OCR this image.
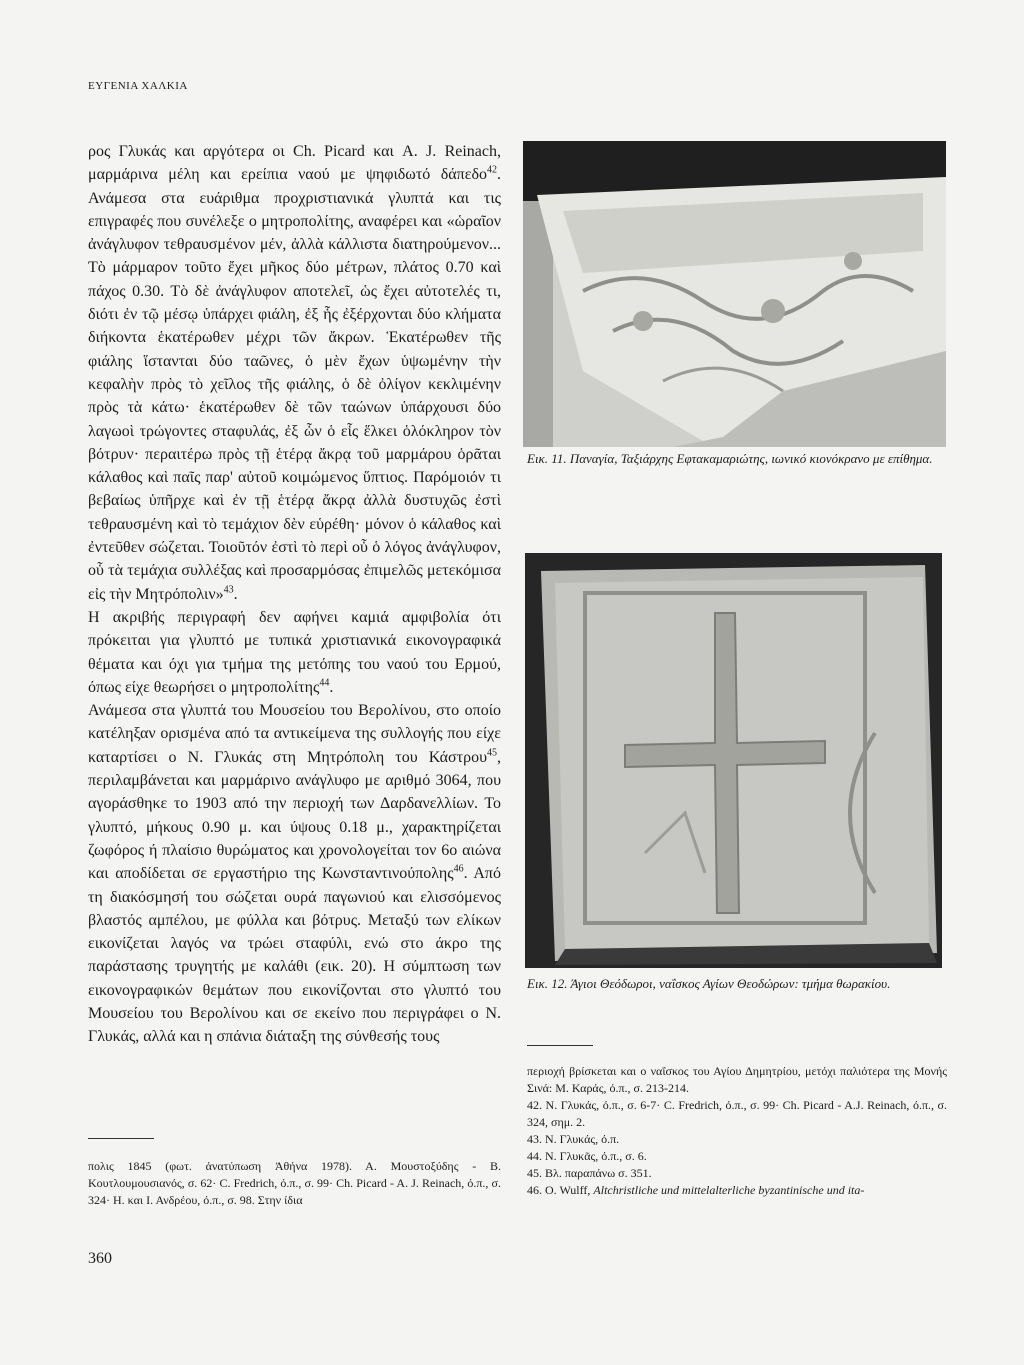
ΕΥΓΕΝΙΑ ΧΑΛΚΙΑ

ρος Γλυκάς και αργότερα οι Ch. Picard και A. J. Reinach, μαρμάρινα μέλη και ερείπια ναού με ψηφιδωτό δάπεδο$^{42}$. Ανάμεσα στα ευάριθμα προχριστιανικά γλυπτά και τις επιγραφές που συνέλεξε ο μητροπολίτης, αναφέρει και «ὡραῖον ἀνάγλυφον τεθραυσμένον μέν, ἀλλὰ κάλλιστα διατηρούμενον... Τὸ μάρμαρον τοῦτο ἔχει μῆκος δύο μέτρων, πλάτος 0.70 καὶ πάχος 0.30. Τὸ δὲ ἀνάγλυφον αποτελεῖ, ὡς ἔχει αὐτοτελές τι, διότι ἐν τῷ μέσῳ ὑπάρχει φιάλη, ἐξ ἧς ἐξέρχονται δύο κλήματα διήκοντα ἑκατέρωθεν μέχρι τῶν ἄκρων. Ἑκατέρωθεν τῆς φιάλης ἵστανται δύο ταῶνες, ὁ μὲν ἔχων ὑψωμένην τὴν κεφαλὴν πρὸς τὸ χεῖλος τῆς φιάλης, ὁ δὲ ὀλίγον κεκλιμένην πρὸς τὰ κάτω· ἑκατέρωθεν δὲ τῶν ταώνων ὑπάρχουσι δύο λαγωοὶ τρώγοντες σταφυλάς, ἐξ ὧν ὁ εἷς ἕλκει ὁλόκληρον τὸν βότρυν· περαιτέρω πρὸς τῇ ἑτέρᾳ ἄκρᾳ τοῦ μαρμάρου ὁρᾶται κάλαθος καὶ παῖς παρ' αὐτοῦ κοιμώμενος ὕπτιος. Παρόμοιόν τι βεβαίως ὑπῆρχε καὶ ἐν τῇ ἑτέρᾳ ἄκρᾳ ἀλλὰ δυστυχῶς ἐστὶ τεθραυσμένη καὶ τὸ τεμάχιον δὲν εὑρέθη· μόνον ὁ κάλαθος καὶ ἐντεῦθεν σώζεται. Τοιοῦτόν ἐστὶ τὸ περὶ οὗ ὁ λόγος ἀνάγλυφον, οὗ τὰ τεμάχια συλλέξας καὶ προσαρμόσας ἐπιμελῶς μετεκόμισα εἰς τὴν Μητρόπολιν»$^{43}$.

Η ακριβής περιγραφή δεν αφήνει καμιά αμφιβολία ότι πρόκειται για γλυπτό με τυπικά χριστιανικά εικονογραφικά θέματα και όχι για τμήμα της μετόπης του ναού του Ερμού, όπως είχε θεωρήσει ο μητροπολίτης$^{44}$.

Ανάμεσα στα γλυπτά του Μουσείου του Βερολίνου, στο οποίο κατέληξαν ορισμένα από τα αντικείμενα της συλλογής που είχε καταρτίσει ο Ν. Γλυκάς στη Μητρόπολη του Κάστρου$^{45}$, περιλαμβάνεται και μαρμάρινο ανάγλυφο με αριθμό 3064, που αγοράσθηκε το 1903 από την περιοχή των Δαρδανελλίων. Το γλυπτό, μήκους 0.90 μ. και ύψους 0.18 μ., χαρακτηρίζεται ζωφόρος ή πλαίσιο θυρώματος και χρονολογείται τον 6ο αιώνα και αποδίδεται σε εργαστήριο της Κωνσταντινούπολης$^{46}$. Από τη διακόσμησή του σώζεται ουρά παγωνιού και ελισσόμενος βλαστός αμπέλου, με φύλλα και βότρυς. Μεταξύ των ελίκων εικονίζεται λαγός να τρώει σταφύλι, ενώ στο άκρο της παράστασης τρυγητής με καλάθι (εικ. 20). Η σύμπτωση των εικονογραφικών θεμάτων που εικονίζονται στο γλυπτό του Μουσείου του Βερολίνου και σε εκείνο που περιγράφει ο Ν. Γλυκάς, αλλά και η σπάνια διάταξη της σύνθεσής τους

πολις 1845 (φωτ. ἀνατύπωση Ἀθήνα 1978). Α. Μουστοξύδης - Β. Κουτλουμουσιανός, σ. 62· C. Fredrich, ό.π., σ. 99· Ch. Picard - A. J. Reinach, ό.π., σ. 324· Η. και Ι. Ανδρέου, ό.π., σ. 98. Στην ίδια

360

Εικ. 11. Παναγία, Ταξιάρχης Εφτακαμαριώτης, ιωνικό κιονόκρανο με επίθημα.

Εικ. 12. Άγιοι Θεόδωροι, ναΐσκος Αγίων Θεοδώρων: τμήμα θωρακίου.

περιοχή βρίσκεται και ο ναΐσκος του Αγίου Δημητρίου, μετόχι παλιότερα της Μονής Σινά: Μ. Καράς, ό.π., σ. 213-214.

42. Ν. Γλυκάς, ό.π., σ. 6-7· C. Fredrich, ό.π., σ. 99· Ch. Picard - A.J. Reinach, ό.π., σ. 324, σημ. 2.

43. Ν. Γλυκάς, ό.π.

44. Ν. Γλυκᾶς, ό.π., σ. 6.

45. Βλ. παραπάνω σ. 351.

46. O. Wulff, Altchristliche und mittelalterliche byzantinische und ita-
